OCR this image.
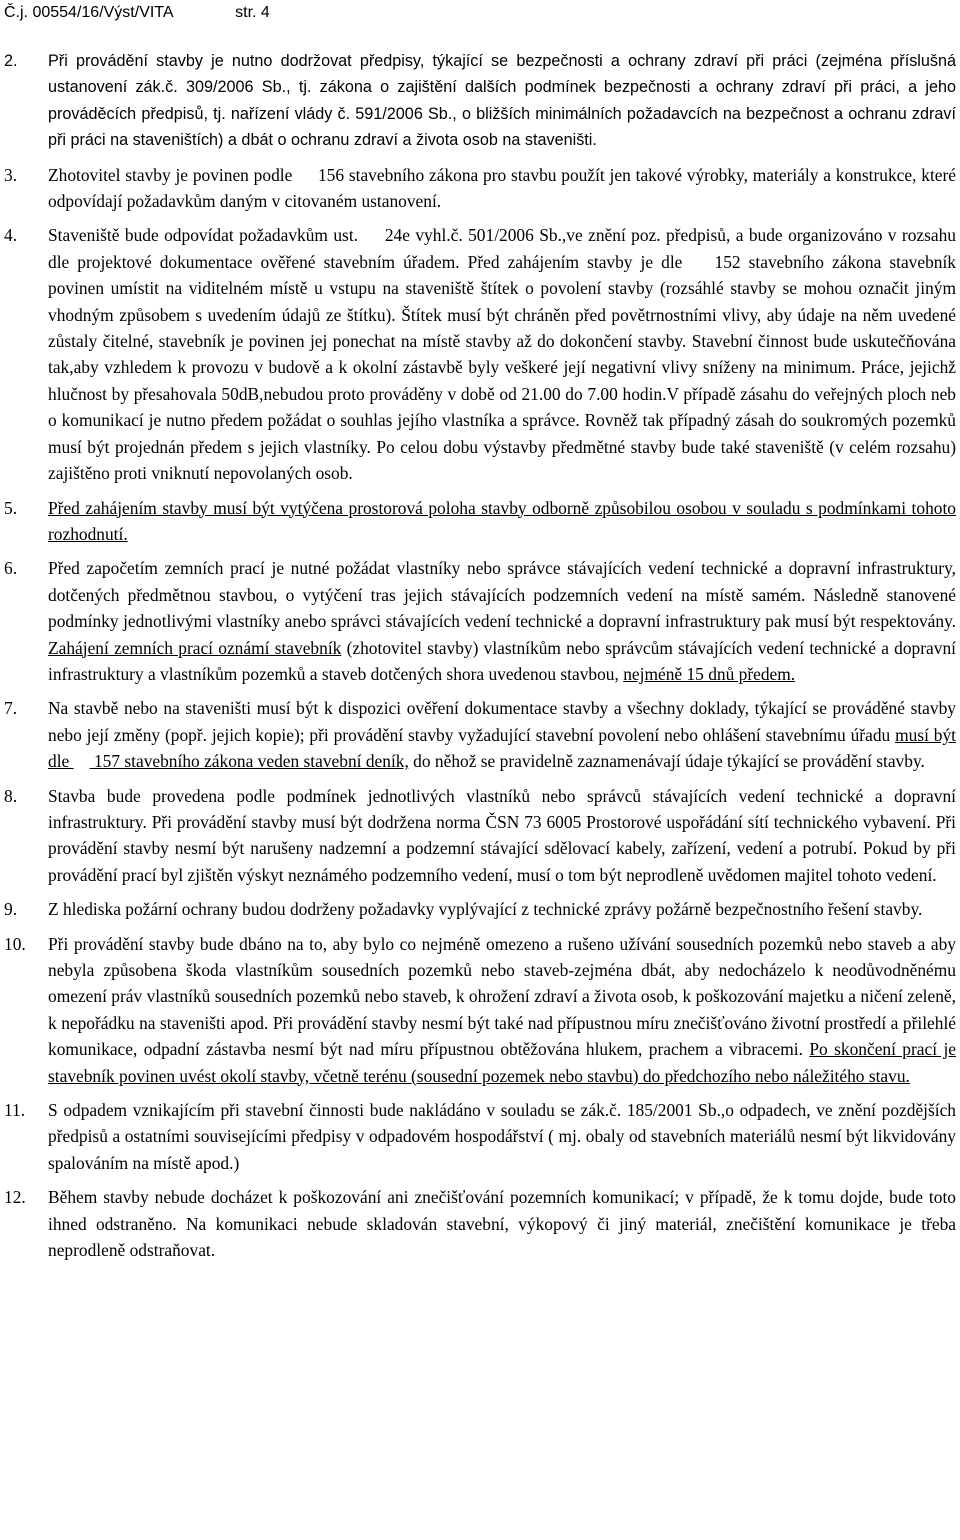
Č.j. 00554/16/Výst/VITA	str. 4
2. Při provádění stavby je nutno dodržovat předpisy, týkající se bezpečnosti a ochrany zdraví při práci (zejména příslušná ustanovení zák.č. 309/2006 Sb., tj. zákona o zajištění dalších podmínek bezpečnosti a ochrany zdraví při práci, a jeho prováděcích předpisů, tj. nařízení vlády č. 591/2006 Sb., o bližších minimálních požadavcích na bezpečnost a ochranu zdraví při práci na staveništích) a dbát o ochranu zdraví a života osob na staveništi.
3. Zhotovitel stavby je povinen podle  156 stavebního zákona pro stavbu použít jen takové výrobky, materiály a konstrukce, které odpovídají požadavkům daným v citovaném ustanovení.
4. Staveniště bude odpovídat požadavkům ust.  24e vyhl.č. 501/2006 Sb.,ve znění poz. předpisů, a bude organizováno v rozsahu dle projektové dokumentace ověřené stavebním úřadem. Před zahájením stavby je dle  152 stavebního zákona stavebník povinen umístit na viditelném místě u vstupu na staveniště štítek o povolení stavby (rozsáhlé stavby se mohou označit jiným vhodným způsobem s uvedením údajů ze štítku). Štítek musí být chráněn před povětrnostními vlivy, aby údaje na něm uvedené zůstaly čitelné, stavebník je povinen jej ponechat na místě stavby až do dokončení stavby. Stavební činnost bude uskutečňována tak,aby vzhledem k provozu v budově a k okolní zástavbě byly veškeré její negativní vlivy sníženy na minimum. Práce, jejichž hlučnost by přesahovala 50dB,nebudou proto prováděny v době od 21.00 do 7.00 hodin.V případě zásahu do veřejných ploch neb o komunikací je nutno předem požádat o souhlas jejího vlastníka a správce. Rovněž tak případný zásah do soukromých pozemků musí být projednán předem s jejich vlastníky. Po celou dobu výstavby předmětné stavby bude také staveniště (v celém rozsahu) zajištěno proti vniknutí nepovolaných osob.
5. Před zahájením stavby musí být vytýčena prostorová poloha stavby odborně způsobilou osobou v souladu s podmínkami tohoto rozhodnutí.
6. Před započetím zemních prací je nutné požádat vlastníky nebo správce stávajících vedení technické a dopravní infrastruktury, dotčených předmětnou stavbou, o vytýčení tras jejich stávajících podzemních vedení na místě samém. Následně stanovené podmínky jednotlivými vlastníky anebo správci stávajících vedení technické a dopravní infrastruktury pak musí být respektovány. Zahájení zemních prací oznámí stavebník (zhotovitel stavby) vlastníkům nebo správcům stávajících vedení technické a dopravní infrastruktury a vlastníkům pozemků a staveb dotčených shora uvedenou stavbou, nejméně 15 dnů předem.
7. Na stavbě nebo na staveništi musí být k dispozici ověření dokumentace stavby a všechny doklady, týkající se prováděné stavby nebo její změny (popř. jejich kopie); při provádění stavby vyžadující stavební povolení nebo ohlášení stavebnímu úřadu musí být dle  157 stavebního zákona veden stavební deník, do něhož se pravidelně zaznamenávají údaje týkající se provádění stavby.
8. Stavba bude provedena podle podmínek jednotlivých vlastníků nebo správců stávajících vedení technické a dopravní infrastruktury. Při provádění stavby musí být dodržena norma ČSN 73 6005 Prostorové uspořádání sítí technického vybavení. Při provádění stavby nesmí být narušeny nadzemní a podzemní stávající sdělovací kabely, zařízení, vedení a potrubí. Pokud by při provádění prací byl zjištěn výskyt neznámého podzemního vedení, musí o tom být neprodleně uvědomen majitel tohoto vedení.
9. Z hlediska požární ochrany budou dodrženy požadavky vyplývající z technické zprávy požárně bezpečnostního řešení stavby.
10. Při provádění stavby bude dbáno na to, aby bylo co nejméně omezeno a rušeno užívání sousedních pozemků nebo staveb a aby nebyla způsobena škoda vlastníkům sousedních pozemků nebo staveb-zejména dbát, aby nedocházelo k neodůvodněnému omezení práv vlastníků sousedních pozemků nebo staveb, k ohrožení zdraví a života osob, k poškozování majetku a ničení zeleně, k nepořádku na staveništi apod. Při provádění stavby nesmí být také nad přípustnou míru znečišťováno životní prostředí a přilehlé komunikace, odpadní zástavba nesmí být nad míru přípustnou obtěžována hlukem, prachem a vibracemi. Po skončení prací je stavebník povinen uvést okolí stavby, včetně terénu (sousední pozemek nebo stavbu) do předchozího nebo náležitého stavu.
11. S odpadem vznikajícím při stavební činnosti bude nakládáno v souladu se zák.č. 185/2001 Sb.,o odpadech, ve znění pozdějších předpisů a ostatními souvisejícími předpisy v odpadovém hospodářství ( mj. obaly od stavebních materiálů nesmí být likvidovány spalováním na místě apod.)
12. Během stavby nebude docházet k poškozování ani znečišťování pozemních komunikací; v případě, že k tomu dojde, bude toto ihned odstraněno. Na komunikaci nebude skladován stavební, výkopový či jiný materiál, znečištění komunikace je třeba neprodleně odstraňovat.
